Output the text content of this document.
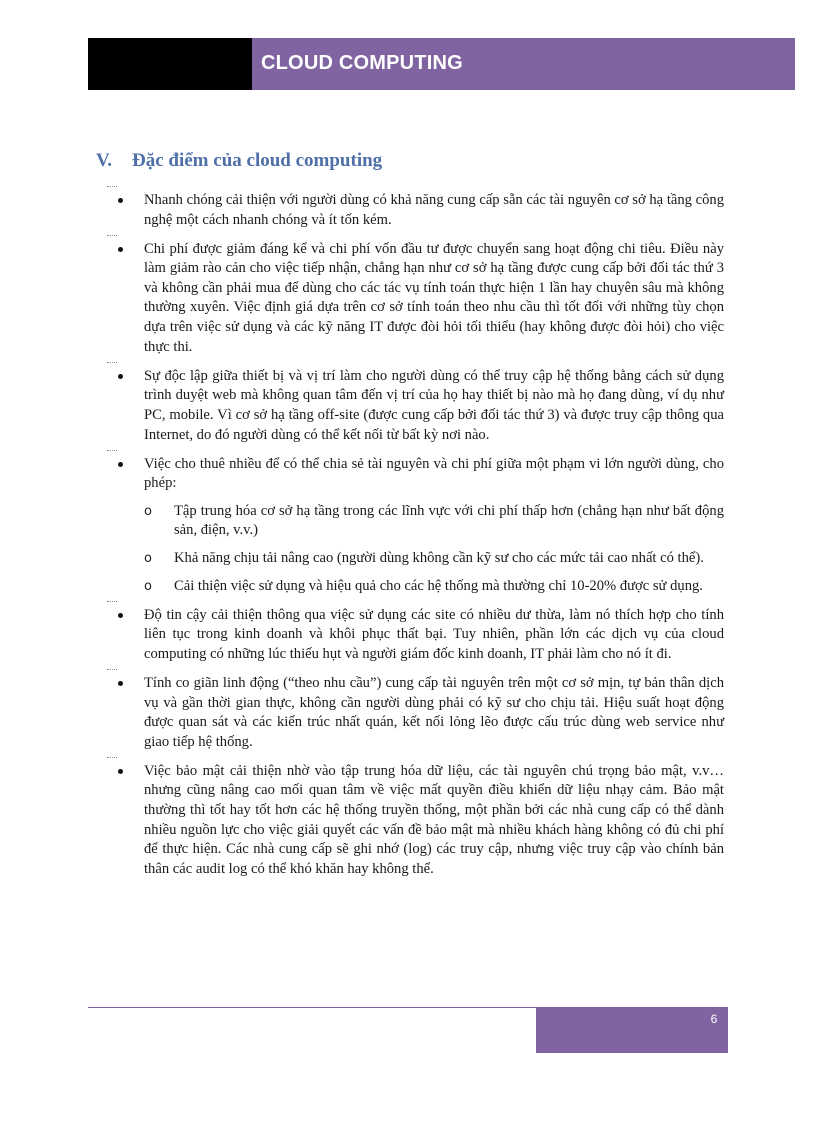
CLOUD COMPUTING
V. Đặc điểm của cloud computing
Nhanh chóng cải thiện với người dùng có khả năng cung cấp sẵn các tài nguyên cơ sở hạ tầng công nghệ một cách nhanh chóng và ít tốn kém.
Chi phí được giảm đáng kể và chi phí vốn đầu tư được chuyển sang hoạt động chi tiêu. Điều này làm giảm rào cản cho việc tiếp nhận, chẳng hạn như cơ sở hạ tầng được cung cấp bởi đối tác thứ 3 và không cần phải mua để dùng cho các tác vụ tính toán thực hiện 1 lần hay chuyên sâu mà không thường xuyên. Việc định giá dựa trên cơ sở tính toán theo nhu cầu thì tốt đối với những tùy chọn dựa trên việc sử dụng và các kỹ năng IT được đòi hỏi tối thiểu (hay không được đòi hỏi) cho việc thực thi.
Sự độc lập giữa thiết bị và vị trí làm cho người dùng có thể truy cập hệ thống bằng cách sử dụng trình duyệt web mà không quan tâm đến vị trí của họ hay thiết bị nào mà họ đang dùng, ví dụ như PC, mobile. Vì cơ sở hạ tầng off-site (được cung cấp bởi đối tác thứ 3) và được truy cập thông qua Internet, do đó người dùng có thể kết nối từ bất kỳ nơi nào.
Việc cho thuê nhiều để có thể chia sẻ tài nguyên và chi phí giữa một phạm vi lớn người dùng, cho phép:
o Tập trung hóa cơ sở hạ tầng trong các lĩnh vực với chi phí thấp hơn (chẳng hạn như bất động sản, điện, v.v.)
o Khả năng chịu tải nâng cao (người dùng không cần kỹ sư cho các mức tải cao nhất có thể).
o Cải thiện việc sử dụng và hiệu quả cho các hệ thống mà thường chỉ 10-20% được sử dụng.
Độ tin cậy cải thiện thông qua việc sử dụng các site có nhiều dư thừa, làm nó thích hợp cho tính liên tục trong kinh doanh và khôi phục thất bại. Tuy nhiên, phần lớn các dịch vụ của cloud computing có những lúc thiếu hụt và người giám đốc kinh doanh, IT phải làm cho nó ít đi.
Tính co giãn linh động (“theo nhu cầu”) cung cấp tài nguyên trên một cơ sở mịn, tự bản thân dịch vụ và gần thời gian thực, không cần người dùng phải có kỹ sư cho chịu tải. Hiệu suất hoạt động được quan sát và các kiến trúc nhất quán, kết nối lỏng lẽo được cấu trúc dùng web service như giao tiếp hệ thống.
Việc bảo mật cải thiện nhờ vào tập trung hóa dữ liệu, các tài nguyên chú trọng bảo mật, v.v… nhưng cũng nâng cao mối quan tâm về việc mất quyền điều khiển dữ liệu nhạy cảm. Bảo mật thường thì tốt hay tốt hơn các hệ thống truyền thống, một phần bởi các nhà cung cấp có thể dành nhiều nguồn lực cho việc giải quyết các vấn đề bảo mật mà nhiều khách hàng không có đủ chi phí để thực hiện. Các nhà cung cấp sẽ ghi nhớ (log) các truy cập, nhưng việc truy cập vào chính bản thân các audit log có thể khó khăn hay không thể.
6
